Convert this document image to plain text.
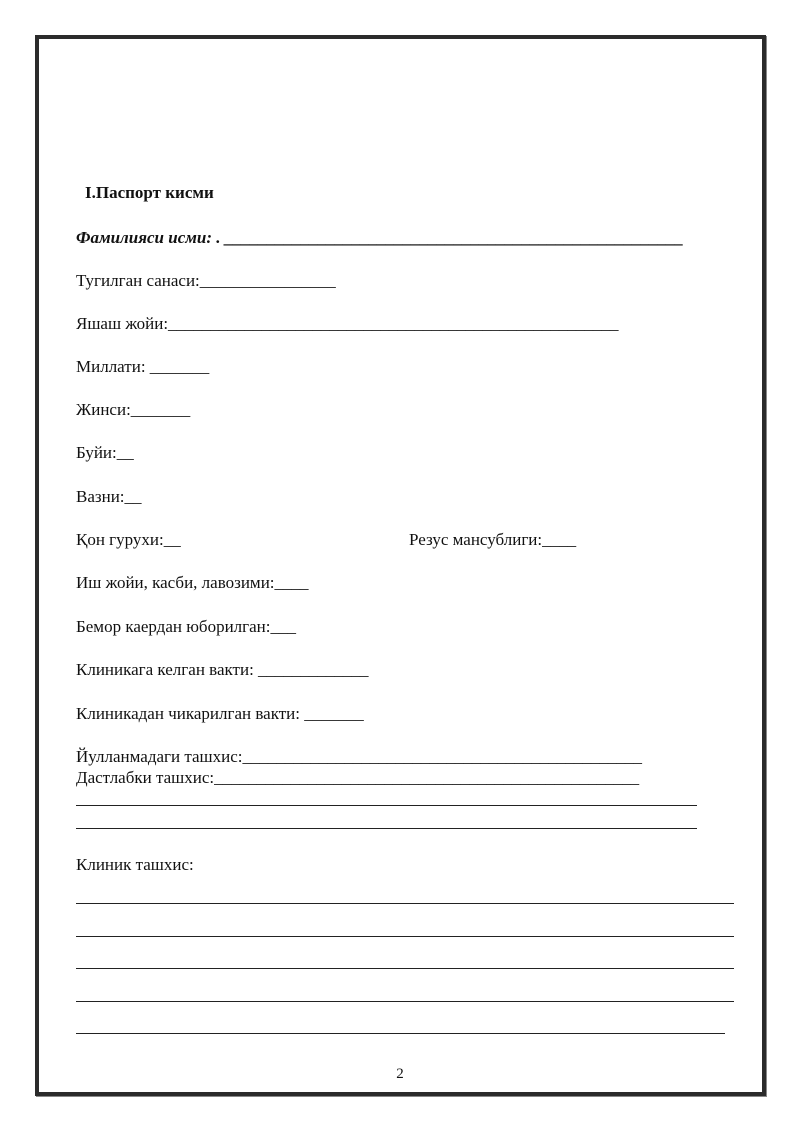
I.Паспорт кисми
Фамилияси исми: . ______________________________________________________
Тугилган санаси:________________
Яшаш жойи:_____________________________________________________
Миллати: _______
Жинси:_______
Буйи:__
Вазни:__
Қон гурухи:__	Резус мансублиги:____
Иш жойи, касби, лавозими:____
Бемор каердан юборилган:___
Клиникага келган вакти: _____________
Клиникадан чикарилган вакти: _______
Йулланмадаги ташхис:_______________________________________________
Дастлабки ташхис:__________________________________________________
Клиник ташхис:
2
